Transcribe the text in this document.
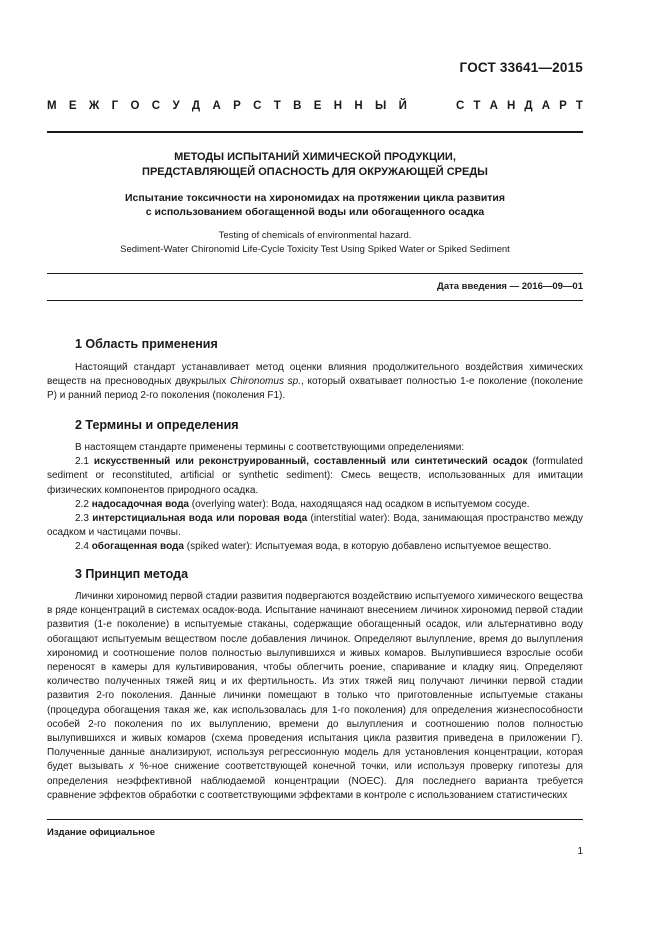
ГОСТ 33641—2015
М Е Ж Г О С У Д А Р С Т В Е Н Н Ы Й	С Т А Н Д А Р Т
МЕТОДЫ ИСПЫТАНИЙ ХИМИЧЕСКОЙ ПРОДУКЦИИ,
ПРЕДСТАВЛЯЮЩЕЙ ОПАСНОСТЬ ДЛЯ ОКРУЖАЮЩЕЙ СРЕДЫ
Испытание токсичности на хирономидах на протяжении цикла развития
с использованием обогащенной воды или обогащенного осадка
Testing of chemicals of environmental hazard.
Sediment-Water Chironomid Life-Cycle Toxicity Test Using Spiked Water or Spiked Sediment
Дата введения — 2016—09—01
1 Область применения

Настоящий стандарт устанавливает метод оценки влияния продолжительного воздействия химических веществ на пресноводных двукрылых Chironomus sp., который охватывает полностью 1-е поколение (поколение P) и ранний период 2-го поколения (поколения F1).

2 Термины и определения

В настоящем стандарте применены термины с соответствующими определениями:

2.1 искусственный или реконструированный, составленный или синтетический осадок (formulated sediment or reconstituted, artificial or synthetic sediment): Смесь веществ, использованных для имитации физических компонентов природного осадка.

2.2 надосадочная вода (overlying water): Вода, находящаяся над осадком в испытуемом сосуде.

2.3 интерстициальная вода или поровая вода (interstitial water): Вода, занимающая пространство между осадком и частицами почвы.

2.4 обогащенная вода (spiked water): Испытуемая вода, в которую добавлено испытуемое вещество.

3 Принцип метода

Личинки хирономид первой стадии развития подвергаются воздействию испытуемого химического вещества в ряде концентраций в системах осадок-вода. Испытание начинают внесением личинок хирономид первой стадии развития (1-е поколение) в испытуемые стаканы, содержащие обогащенный осадок, или альтернативно воду обогащают испытуемым веществом после добавления личинок. Определяют вылупление, время до вылупления хирономид и соотношение полов полностью вылупившихся и живых комаров. Вылупившиеся взрослые особи переносят в камеры для культивирования, чтобы облегчить роение, спаривание и кладку яиц. Определяют количество полученных тяжей яиц и их фертильность. Из этих тяжей яиц получают личинки первой стадии развития 2-го поколения. Данные личинки помещают в только что приготовленные испытуемые стаканы (процедура обогащения такая же, как использовалась для 1-го поколения) для определения жизнеспособности особей 2-го поколения по их вылуплению, времени до вылупления и соотношению полов полностью вылупившихся и живых комаров (схема проведения испытания цикла развития приведена в приложении Г). Полученные данные анализируют, используя регрессионную модель для установления концентрации, которая будет вызывать x %-ное снижение соответствующей конечной точки, или используя проверку гипотезы для определения неэффективной наблюдаемой концентрации (NOEC). Для последнего варианта требуется сравнение эффектов обработки с соответствующими эффектами в контроле с использованием статистических

Издание официальное
1
